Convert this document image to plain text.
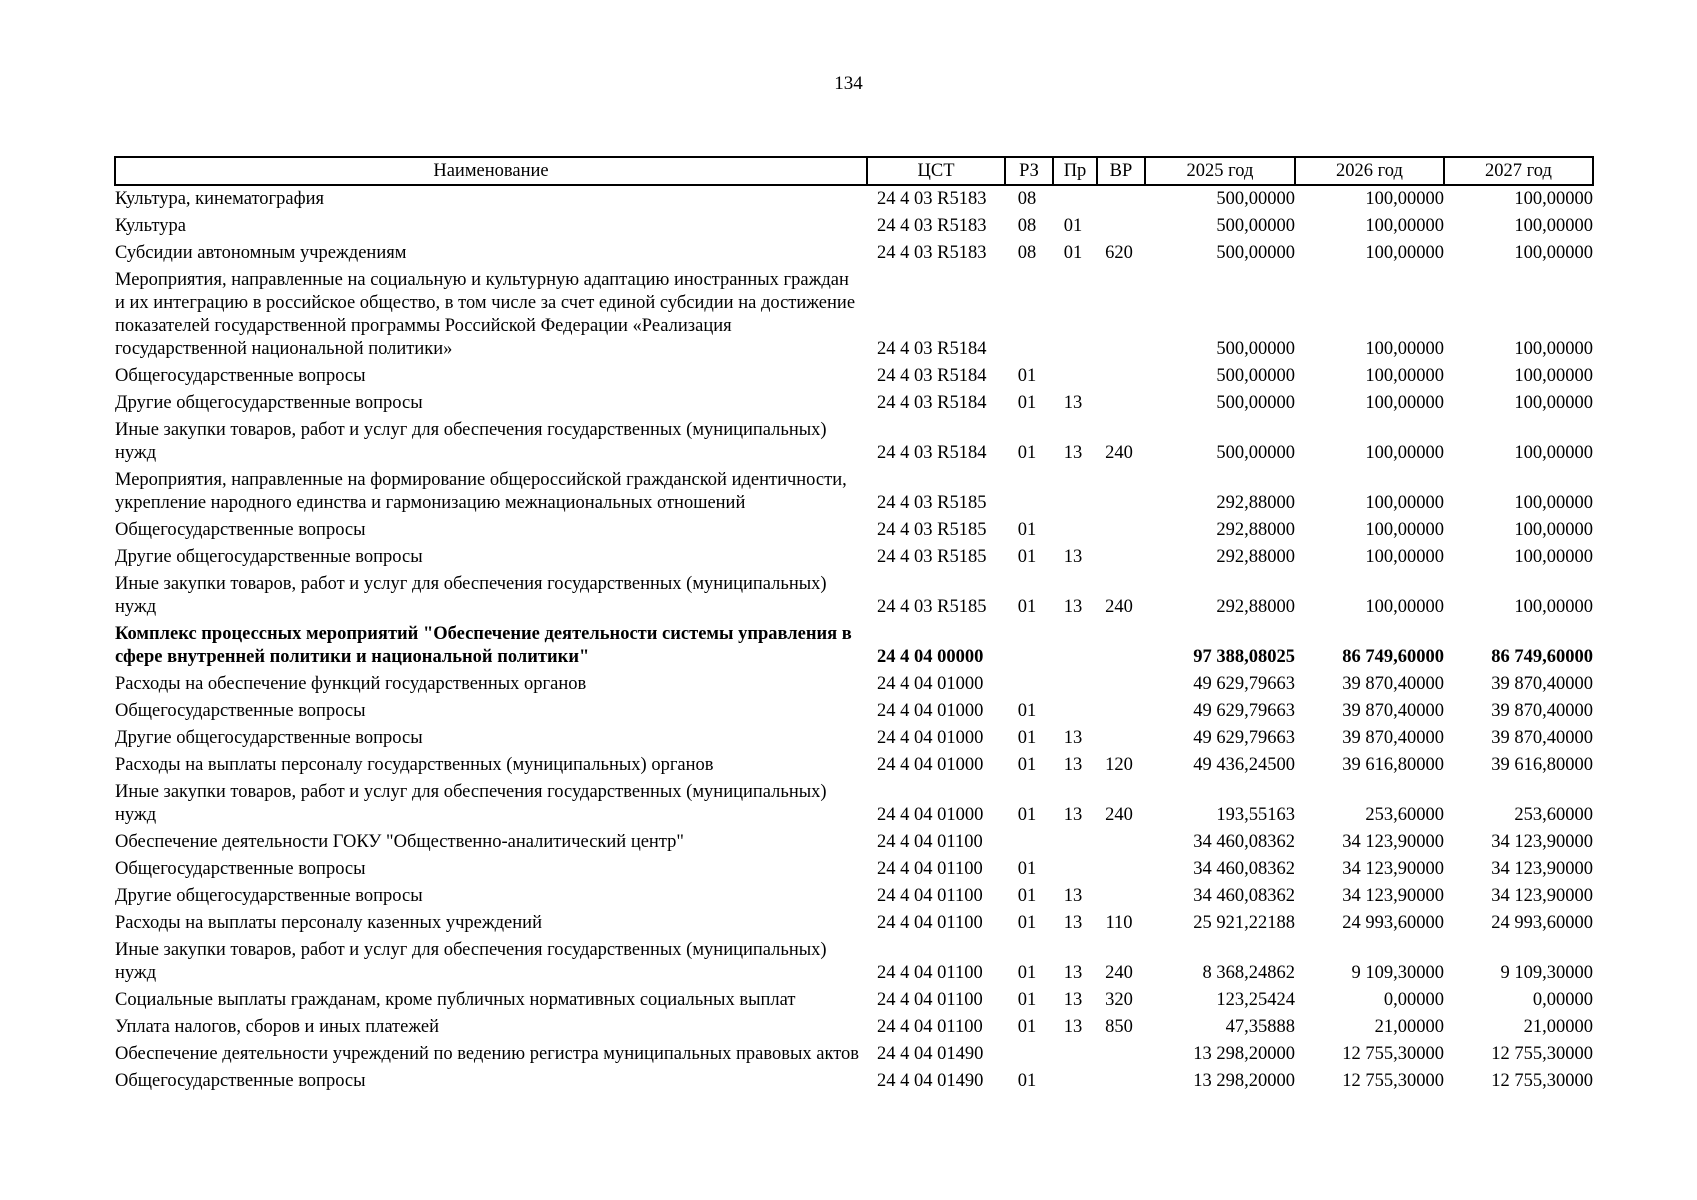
134
Наименование	ЦСТ	РЗ	Пр	ВР	2025 год	2026 год	2027 год
Культура, кинематография	24 4 03 R5183	08			500,00000	100,00000	100,00000
Культура	24 4 03 R5183	08	01		500,00000	100,00000	100,00000
Субсидии автономным учреждениям	24 4 03 R5183	08	01	620	500,00000	100,00000	100,00000
Мероприятия, направленные на социальную и культурную адаптацию иностранных граждан и их интеграцию в российское общество, в том числе за счет единой субсидии на достижение показателей государственной программы Российской Федерации «Реализация государственной национальной политики»	24 4 03 R5184				500,00000	100,00000	100,00000
Общегосударственные вопросы	24 4 03 R5184	01			500,00000	100,00000	100,00000
Другие общегосударственные вопросы	24 4 03 R5184	01	13		500,00000	100,00000	100,00000
Иные закупки товаров, работ и услуг для обеспечения государственных (муниципальных) нужд	24 4 03 R5184	01	13	240	500,00000	100,00000	100,00000
Мероприятия, направленные на формирование общероссийской гражданской идентичности, укрепление народного единства и гармонизацию межнациональных отношений	24 4 03 R5185				292,88000	100,00000	100,00000
Общегосударственные вопросы	24 4 03 R5185	01			292,88000	100,00000	100,00000
Другие общегосударственные вопросы	24 4 03 R5185	01	13		292,88000	100,00000	100,00000
Иные закупки товаров, работ и услуг для обеспечения государственных (муниципальных) нужд	24 4 03 R5185	01	13	240	292,88000	100,00000	100,00000
Комплекс процессных мероприятий "Обеспечение деятельности системы управления в сфере внутренней политики и национальной политики"	24 4 04 00000				97 388,08025	86 749,60000	86 749,60000
Расходы на обеспечение функций государственных органов	24 4 04 01000				49 629,79663	39 870,40000	39 870,40000
Общегосударственные вопросы	24 4 04 01000	01			49 629,79663	39 870,40000	39 870,40000
Другие общегосударственные вопросы	24 4 04 01000	01	13		49 629,79663	39 870,40000	39 870,40000
Расходы на выплаты персоналу государственных (муниципальных) органов	24 4 04 01000	01	13	120	49 436,24500	39 616,80000	39 616,80000
Иные закупки товаров, работ и услуг для обеспечения государственных (муниципальных) нужд	24 4 04 01000	01	13	240	193,55163	253,60000	253,60000
Обеспечение деятельности ГОКУ "Общественно-аналитический центр"	24 4 04 01100				34 460,08362	34 123,90000	34 123,90000
Общегосударственные вопросы	24 4 04 01100	01			34 460,08362	34 123,90000	34 123,90000
Другие общегосударственные вопросы	24 4 04 01100	01	13		34 460,08362	34 123,90000	34 123,90000
Расходы на выплаты персоналу казенных учреждений	24 4 04 01100	01	13	110	25 921,22188	24 993,60000	24 993,60000
Иные закупки товаров, работ и услуг для обеспечения государственных (муниципальных) нужд	24 4 04 01100	01	13	240	8 368,24862	9 109,30000	9 109,30000
Социальные выплаты гражданам, кроме публичных нормативных социальных выплат	24 4 04 01100	01	13	320	123,25424	0,00000	0,00000
Уплата налогов, сборов и иных платежей	24 4 04 01100	01	13	850	47,35888	21,00000	21,00000
Обеспечение деятельности учреждений по ведению регистра муниципальных правовых актов	24 4 04 01490				13 298,20000	12 755,30000	12 755,30000
Общегосударственные вопросы	24 4 04 01490	01			13 298,20000	12 755,30000	12 755,30000
